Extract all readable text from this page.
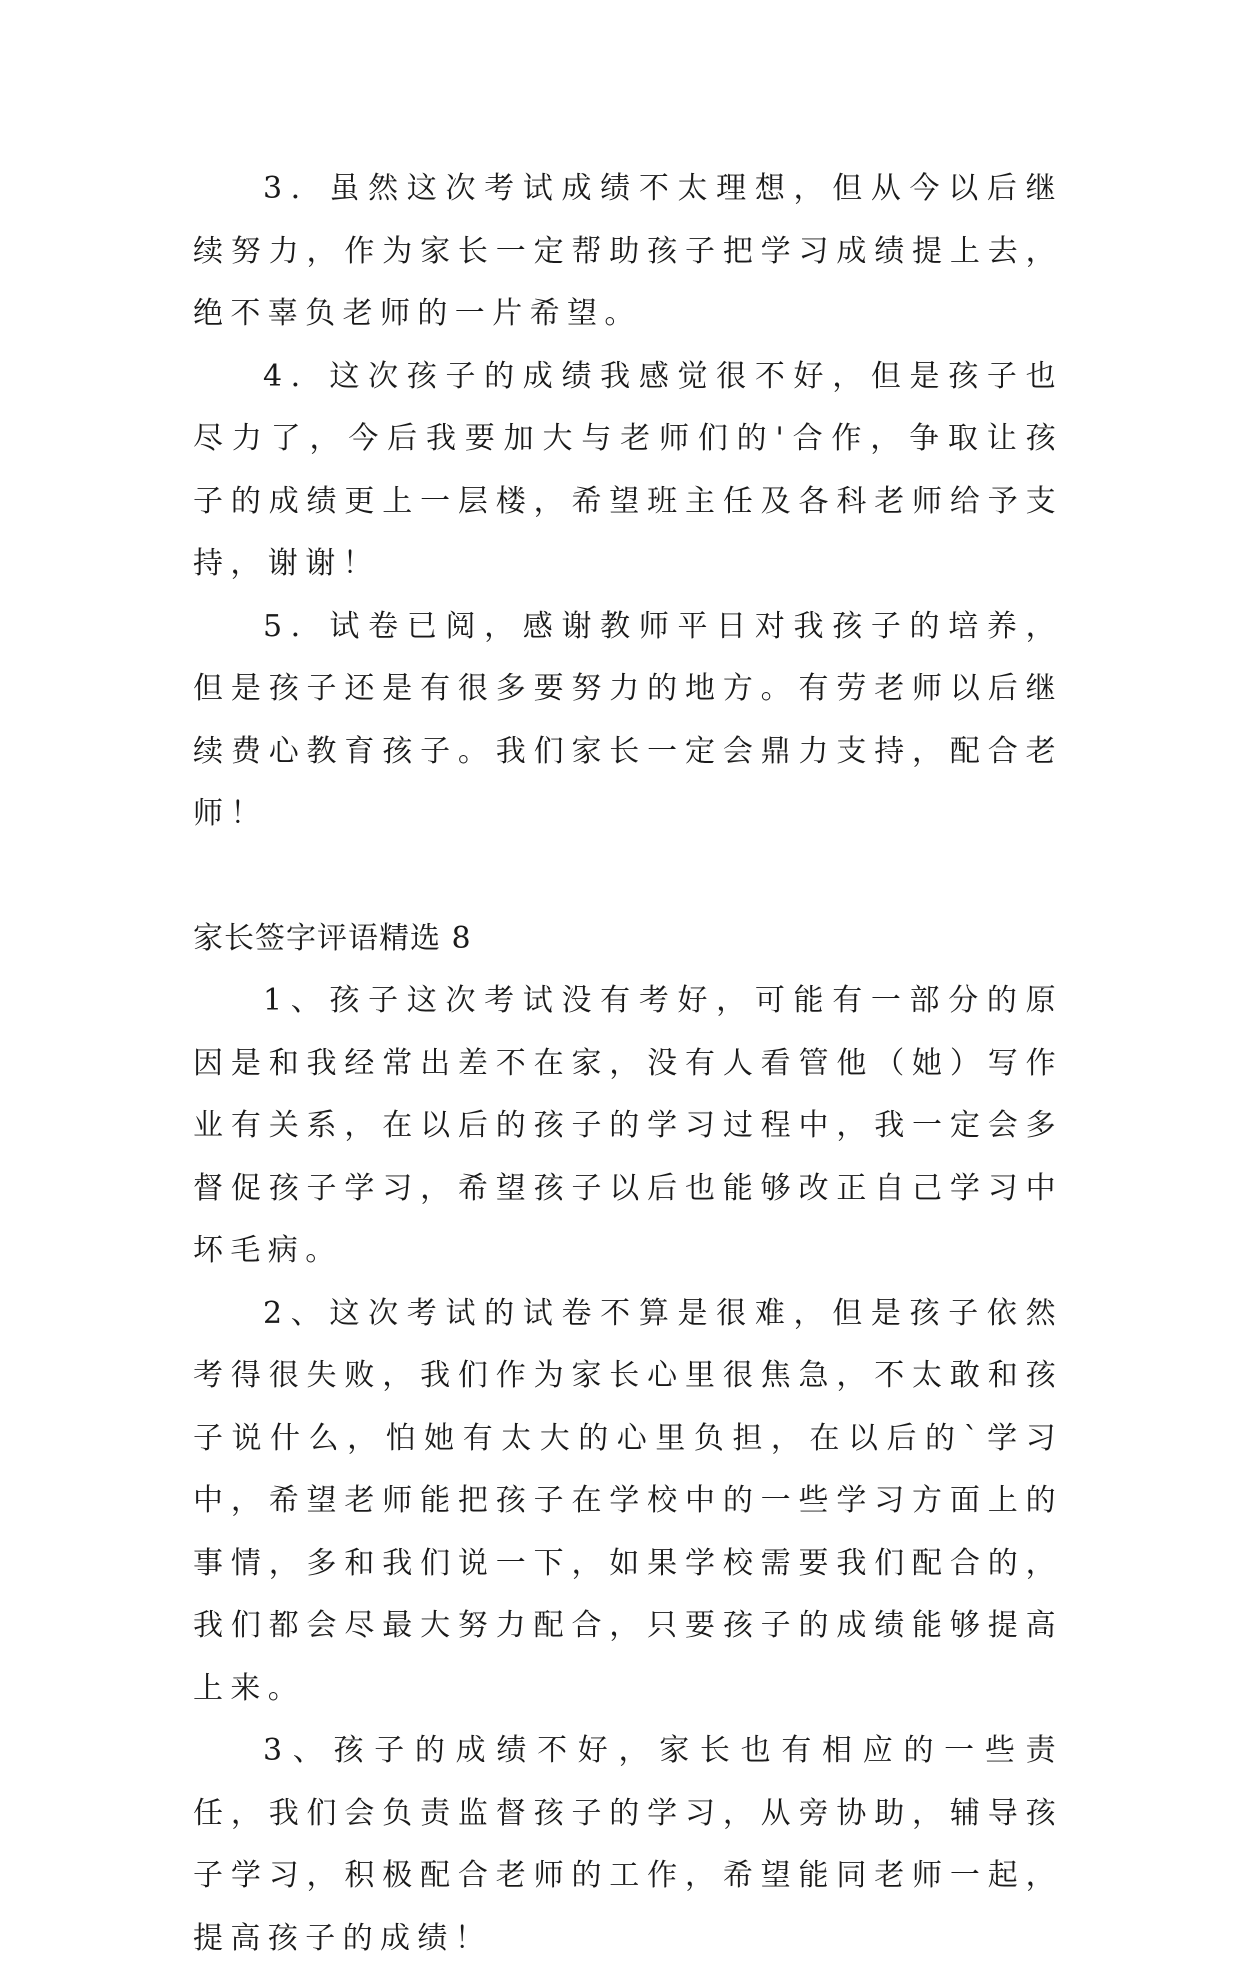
3．虽然这次考试成绩不太理想，但从今以后继续努力，作为家长一定帮助孩子把学习成绩提上去，绝不辜负老师的一片希望。

4．这次孩子的成绩我感觉很不好，但是孩子也尽力了，今后我要加大与老师们的'合作，争取让孩子的成绩更上一层楼，希望班主任及各科老师给予支持，谢谢！

5．试卷已阅，感谢教师平日对我孩子的培养，但是孩子还是有很多要努力的地方。有劳老师以后继续费心教育孩子。我们家长一定会鼎力支持，配合老师！

家长签字评语精选 8

1、孩子这次考试没有考好，可能有一部分的原因是和我经常出差不在家，没有人看管他（她）写作业有关系，在以后的孩子的学习过程中，我一定会多督促孩子学习，希望孩子以后也能够改正自己学习中坏毛病。

2、这次考试的试卷不算是很难，但是孩子依然考得很失败，我们作为家长心里很焦急，不太敢和孩子说什么，怕她有太大的心里负担，在以后的`学习中，希望老师能把孩子在学校中的一些学习方面上的事情，多和我们说一下，如果学校需要我们配合的，我们都会尽最大努力配合，只要孩子的成绩能够提高上来。

3、孩子的成绩不好，家长也有相应的一些责任，我们会负责监督孩子的学习，从旁协助，辅导孩子学习，积极配合老师的工作，希望能同老师一起，提高孩子的成绩！
